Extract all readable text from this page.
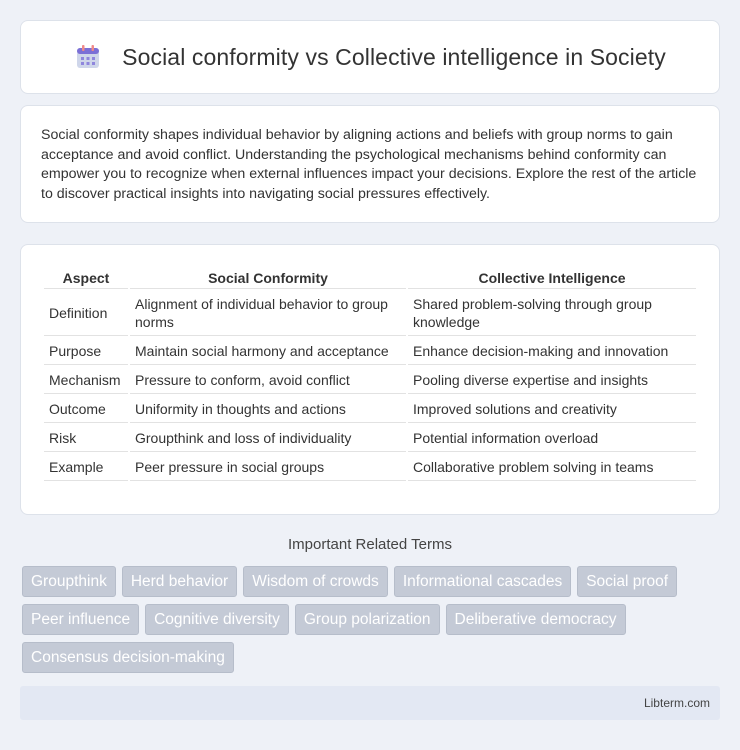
Social conformity vs Collective intelligence in Society

Social conformity shapes individual behavior by aligning actions and beliefs with group norms to gain acceptance and avoid conflict. Understanding the psychological mechanisms behind conformity can empower you to recognize when external influences impact your decisions. Explore the rest of the article to discover practical insights into navigating social pressures effectively.

Aspect	Social Conformity	Collective Intelligence
Definition	Alignment of individual behavior to group norms	Shared problem-solving through group knowledge
Purpose	Maintain social harmony and acceptance	Enhance decision-making and innovation
Mechanism	Pressure to conform, avoid conflict	Pooling diverse expertise and insights
Outcome	Uniformity in thoughts and actions	Improved solutions and creativity
Risk	Groupthink and loss of individuality	Potential information overload
Example	Peer pressure in social groups	Collaborative problem solving in teams
Important Related Terms
Groupthink	Herd behavior	Wisdom of crowds	Informational cascades	Social proof
Peer influence	Cognitive diversity	Group polarization	Deliberative democracy
Consensus decision-making
Libterm.com
